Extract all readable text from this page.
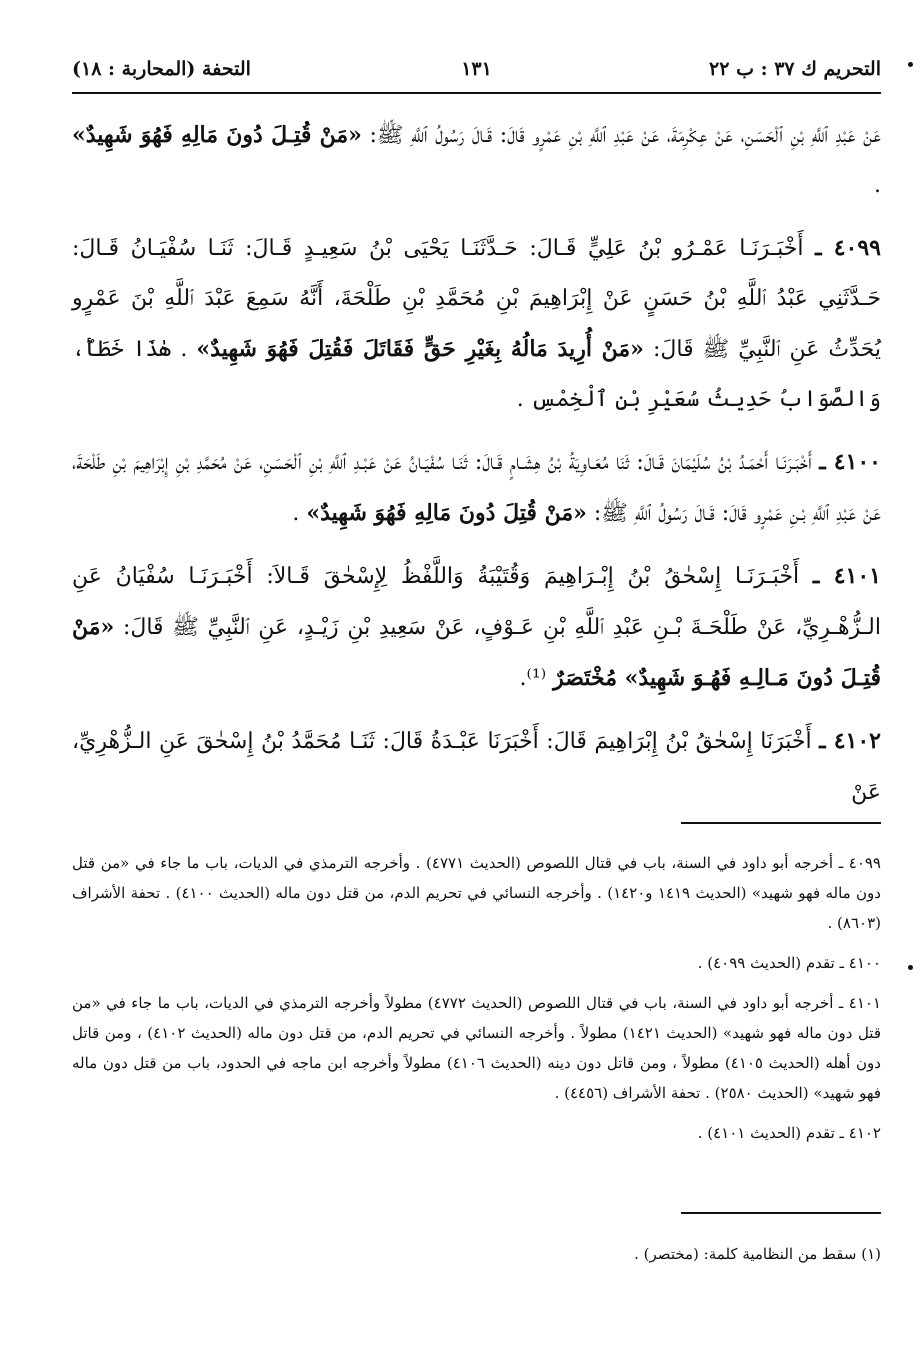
التحريم ك ٣٧ : ب ٢٢
١٣١
التحفة (المحاربة : ١٨)

عَنْ عَبْدِ ٱللَّهِ بْنِ ٱلْحَسَنِ، عَنْ عِكْرِمَةَ، عَنْ عَبْدِ ٱللَّهِ بْنِ عَمْرٍو قَالَ: قَـالَ رَسُولُ ٱللَّهِ ﷺ: «مَنْ قُتِـلَ دُونَ مَالِهِ فَهُوَ شَهِيدٌ» .

٤٠٩٩ ـ أَخْبَـرَنَـا عَمْـرُو بْنُ عَلِيٍّ قَـالَ: حَـدَّثَنَـا يَحْيَى بْنُ سَعِيـدٍ قَـالَ: ثَنَـا سُفْيَـانُ قَـالَ: حَـدَّثَنِي عَبْدُ ٱللَّهِ بْنُ حَسَنٍ عَنْ إِبْرَاهِيمَ بْنِ مُحَمَّدِ بْنِ طَلْحَةَ، أَنَّهُ سَمِعَ عَبْدَ ٱللَّهِ بْنَ عَمْرٍو يُحَدِّثُ عَنِ ٱلنَّبِيِّ ﷺ قَالَ: «مَنْ أُرِيدَ مَالُهُ بِغَيْرِ حَقٍّ فَقَاتَلَ فَقُتِلَ فَهُوَ شَهِيدٌ» . هٰذَا خَطَأٌ، وَالصَّوَابُ حَدِيثُ سُعَيْرِ بْنِ ٱلْخِمْسِ .

٤١٠٠ ـ أَخْبَـرَنَـا أَحْمَـدُ بْنُ سُلَيْمَانَ قَـالَ: ثَنَا مُعَـاوِيَةُ بْنُ هِشَـامٍ قَـالَ: ثَنَـا سُفْيَـانُ عَنْ عَبْـدِ ٱللَّهِ بْنِ ٱلْحَسَنِ، عَنْ مُحَمَّدِ بْنِ إِبْرَاهِيمَ بْنِ طَلْحَةَ، عَنْ عَبْدِ ٱللَّهِ بْـنِ عَمْرٍو قَالَ: قَـالَ رَسُولُ ٱللَّهِ ﷺ: «مَنْ قُتِلَ دُونَ مَالِهِ فَهُوَ شَهِيدٌ» .

٤١٠١ ـ أَخْبَـرَنَـا إِسْحٰقُ بْنُ إِبْـرَاهِيمَ وَقُتَيْبَةُ وَاللَّفْظُ لِإِسْحٰقَ قَـالاَ: أَخْبَـرَنَـا سُفْيَانُ عَنِ الـزُّهْـرِيِّ، عَنْ طَلْحَـةَ بْـنِ عَبْدِ ٱللَّهِ بْنِ عَـوْفٍ، عَنْ سَعِيدِ بْنِ زَيْـدٍ، عَنِ ٱلنَّبِيِّ ﷺ قَالَ: «مَنْ قُتِـلَ دُونَ مَـالِـهِ فَهُـوَ شَهِيدٌ» مُخْتَصَرٌ ⁽¹⁾.

٤١٠٢ ـ أَخْبَرَنَا إِسْحٰقُ بْنُ إِبْرَاهِيمَ قَالَ: أَخْبَرَنَا عَبْـدَةُ قَالَ: ثَنَـا مُحَمَّدُ بْنُ إِسْحٰقَ عَنِ الـزُّهْرِيِّ، عَنْ

٤٠٩٩ ـ أخرجه أبو داود في السنة، باب في قتال اللصوص (الحديث ٤٧٧١) . وأخرجه الترمذي في الديات، باب ما جاء في «من قتل دون ماله فهو شهيد» (الحديث ١٤١٩ و١٤٢٠) . وأخرجه النسائي في تحريم الدم، من قتل دون ماله (الحديث ٤١٠٠) . تحفة الأشراف (٨٦٠٣) .

٤١٠٠ ـ تقدم (الحديث ٤٠٩٩) .

٤١٠١ ـ أخرجه أبو داود في السنة، باب في قتال اللصوص (الحديث ٤٧٧٢) مطولاً وأخرجه الترمذي في الديات، باب ما جاء في «من قتل دون ماله فهو شهيد» (الحديث ١٤٢١) مطولاً . وأخرجه النسائي في تحريم الدم، من قتل دون ماله (الحديث ٤١٠٢) ، ومن قاتل دون أهله (الحديث ٤١٠٥) مطولاً ، ومن قاتل دون دينه (الحديث ٤١٠٦) مطولاً وأخرجه ابن ماجه في الحدود، باب من قتل دون ماله فهو شهيد» (الحديث ٢٥٨٠) . تحفة الأشراف (٤٤٥٦) .

٤١٠٢ ـ تقدم (الحديث ٤١٠١) .

(١) سقط من النظامية كلمة: (مختصر) .
